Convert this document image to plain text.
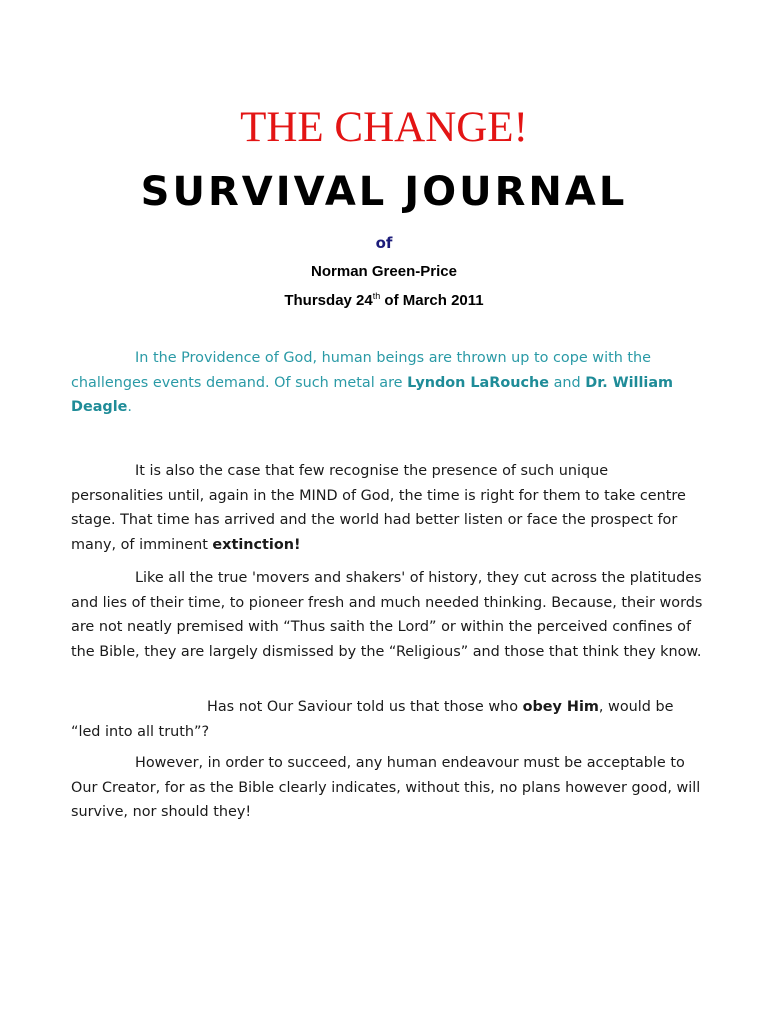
THE CHANGE!
SURVIVAL JOURNAL
of
Norman Green-Price
Thursday 24th of March 2011

In the Providence of God, human beings are thrown up to cope with the challenges events demand. Of such metal are Lyndon LaRouche and Dr. William Deagle.

It is also the case that few recognise the presence of such unique personalities until, again in the MIND of God, the time is right for them to take centre stage. That time has arrived and the world had better listen or face the prospect for many, of imminent extinction!

Like all the true 'movers and shakers' of history, they cut across the platitudes and lies of their time, to pioneer fresh and much needed thinking. Because, their words are not neatly premised with “Thus saith the Lord” or within the perceived confines of the Bible, they are largely dismissed by the “Religious” and those that think they know.

Has not Our Saviour told us that those who obey Him, would be “led into all truth”?

However, in order to succeed, any human endeavour must be acceptable to Our Creator, for as the Bible clearly indicates, without this, no plans however good, will survive, nor should they!
